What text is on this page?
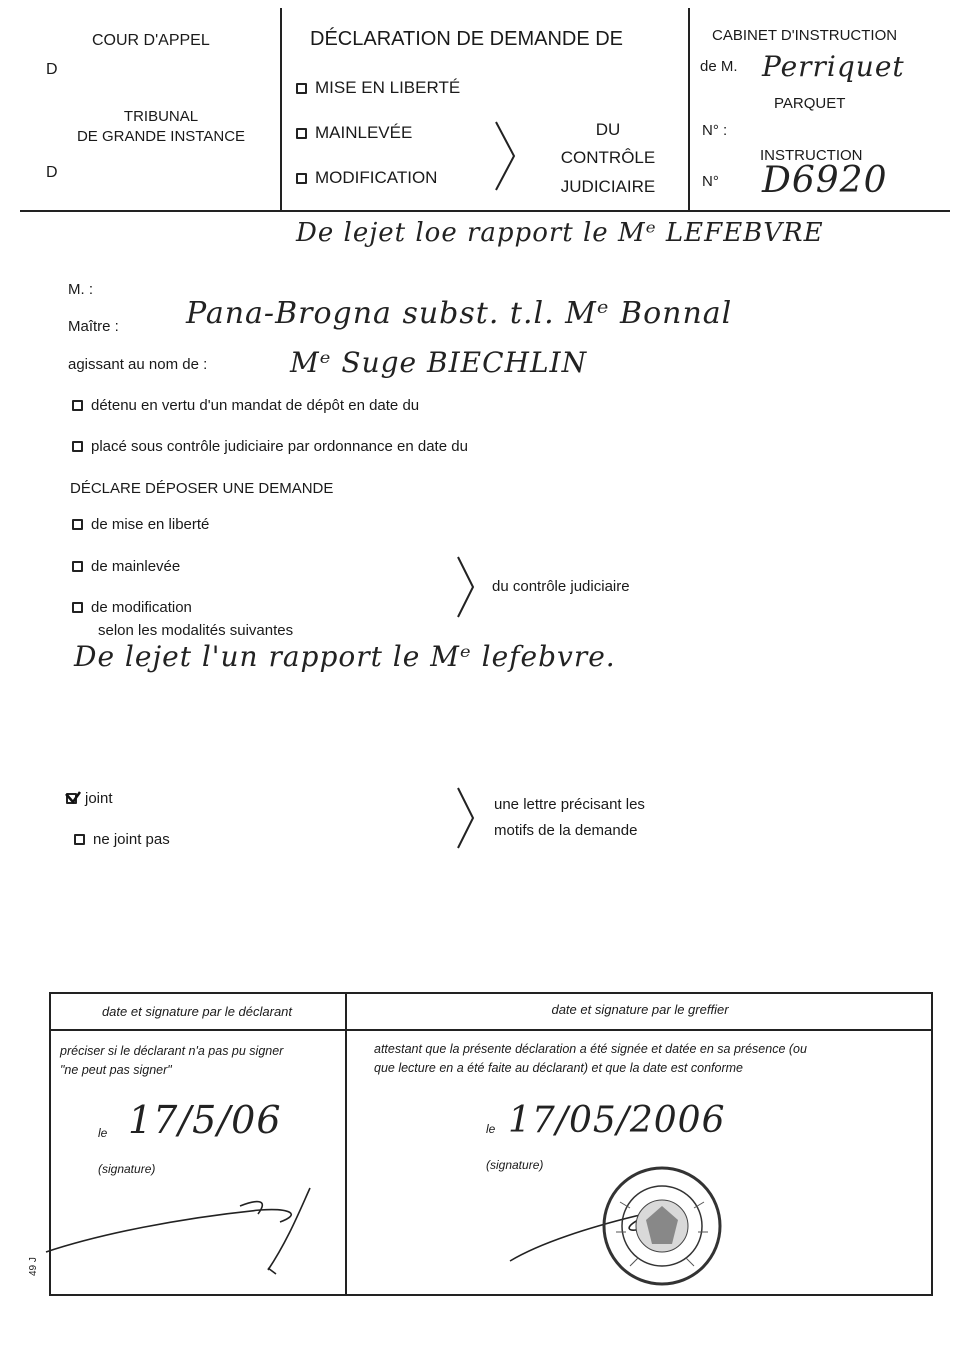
COUR D'APPEL
D
TRIBUNAL
DE GRANDE INSTANCE
D
DÉCLARATION DE DEMANDE DE
MISE EN LIBERTÉ
MAINLEVÉE
MODIFICATION
DU
CONTRÔLE
JUDICIAIRE
CABINET D'INSTRUCTION
de M. Perriquet
PARQUET
N° :
INSTRUCTION
N° D6920
De lejet loe rapport le Mᵉ LEFEBVRE
M. :
Maître : Pana-Brogna subst. t.l. Mᵉ Bonnal
agissant au nom de :	Mᵉ Suge BIECHLIN
détenu en vertu d'un mandat de dépôt en date du
placé sous contrôle judiciaire par ordonnance en date du
DÉCLARE DÉPOSER UNE DEMANDE
de mise en liberté
de mainlevée
de modification
selon les modalités suivantes
du contrôle judiciaire
De lejet l'un rapport le Mᵉ lefebvre.
joint
ne joint pas
une lettre précisant les
motifs de la demande
date et signature par le déclarant	date et signature par le greffier
préciser si le déclarant n'a pas pu signer
"ne peut pas signer"
attestant que la présente déclaration a été signée et datée en sa présence (ou
que lecture en a été faite au déclarant) et que la date est conforme
le 17/5/06
(signature)
le 17/05/2006
(signature)
49 J
